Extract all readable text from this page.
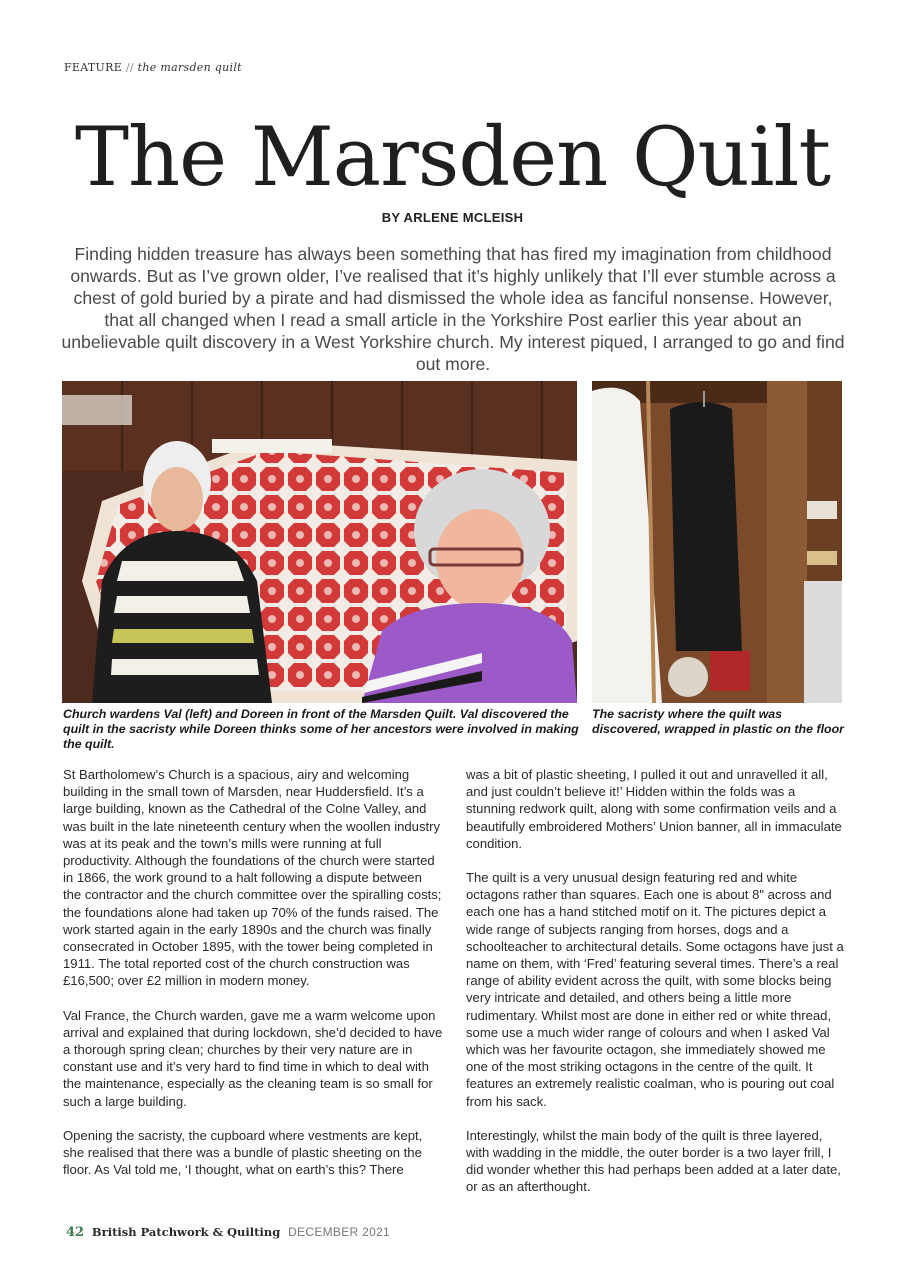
FEATURE // the marsden quilt
The Marsden Quilt
BY ARLENE MCLEISH

Finding hidden treasure has always been something that has fired my imagination from childhood onwards. But as I’ve grown older, I’ve realised that it’s highly unlikely that I’ll ever stumble across a chest of gold buried by a pirate and had dismissed the whole idea as fanciful nonsense. However, that all changed when I read a small article in the Yorkshire Post earlier this year about an unbelievable quilt discovery in a West Yorkshire church. My interest piqued, I arranged to go and find out more.

Church wardens Val (left) and Doreen in front of the Marsden Quilt. Val discovered the quilt in the sacristy while Doreen thinks some of her ancestors were involved in making the quilt.

The sacristy where the quilt was discovered, wrapped in plastic on the floor

St Bartholomew’s Church is a spacious, airy and welcoming building in the small town of Marsden, near Huddersfield. It’s a large building, known as the Cathedral of the Colne Valley, and was built in the late nineteenth century when the woollen industry was at its peak and the town’s mills were running at full productivity. Although the foundations of the church were started in 1866, the work ground to a halt following a dispute between the contractor and the church committee over the spiralling costs; the foundations alone had taken up 70% of the funds raised. The work started again in the early 1890s and the church was finally consecrated in October 1895, with the tower being completed in 1911. The total reported cost of the church construction was £16,500; over £2 million in modern money.

Val France, the Church warden, gave me a warm welcome upon arrival and explained that during lockdown, she’d decided to have a thorough spring clean; churches by their very nature are in constant use and it’s very hard to find time in which to deal with the maintenance, especially as the cleaning team is so small for such a large building.

Opening the sacristy, the cupboard where vestments are kept, she realised that there was a bundle of plastic sheeting on the floor. As Val told me, ‘I thought, what on earth’s this? There

was a bit of plastic sheeting, I pulled it out and unravelled it all, and just couldn’t believe it!’ Hidden within the folds was a stunning redwork quilt, along with some confirmation veils and a beautifully embroidered Mothers’ Union banner, all in immaculate condition.

The quilt is a very unusual design featuring red and white octagons rather than squares. Each one is about 8" across and each one has a hand stitched motif on it. The pictures depict a wide range of subjects ranging from horses, dogs and a schoolteacher to architectural details. Some octagons have just a name on them, with ‘Fred’ featuring several times. There’s a real range of ability evident across the quilt, with some blocks being very intricate and detailed, and others being a little more rudimentary. Whilst most are done in either red or white thread, some use a much wider range of colours and when I asked Val which was her favourite octagon, she immediately showed me one of the most striking octagons in the centre of the quilt. It features an extremely realistic coalman, who is pouring out coal from his sack.

Interestingly, whilst the main body of the quilt is three layered, with wadding in the middle, the outer border is a two layer frill, I did wonder whether this had perhaps been added at a later date, or as an afterthought.

42 British Patchwork & Quilting DECEMBER 2021
